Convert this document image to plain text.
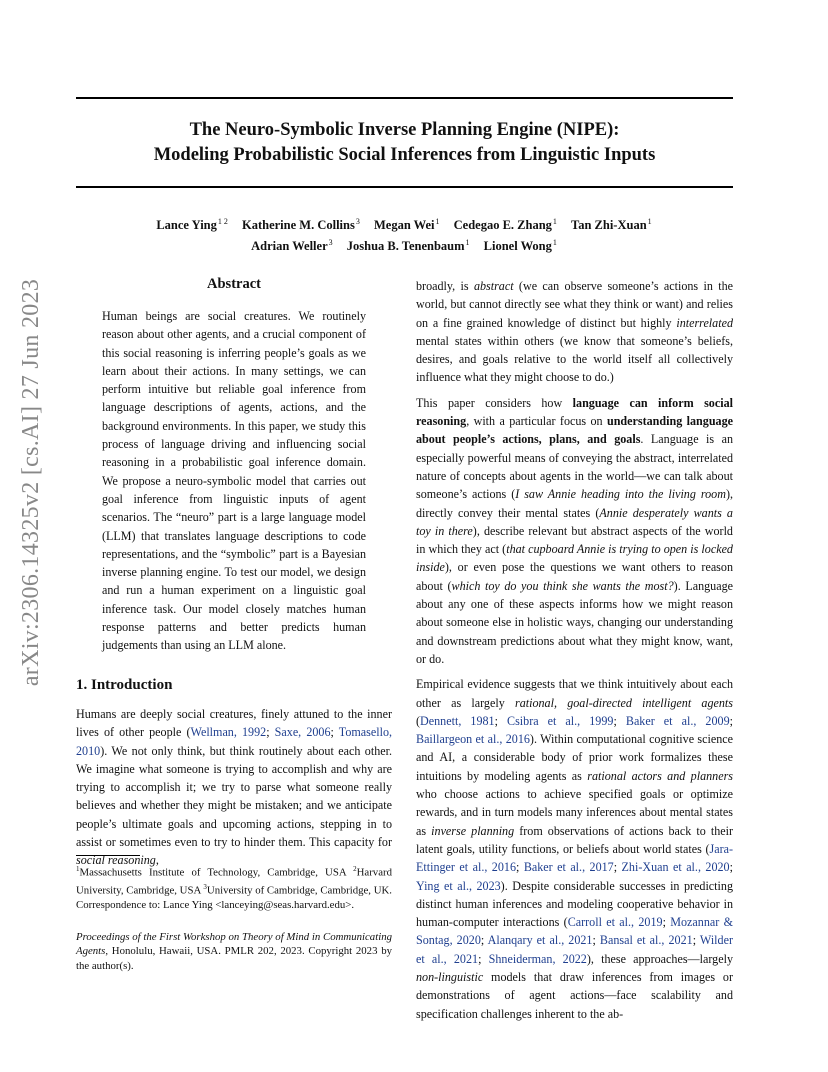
arXiv:2306.14325v2 [cs.AI] 27 Jun 2023
The Neuro-Symbolic Inverse Planning Engine (NIPE):
Modeling Probabilistic Social Inferences from Linguistic Inputs
Lance Ying$^{1 2}$ Katherine M. Collins$^3$ Megan Wei$^1$ Cedegao E. Zhang$^1$ Tan Zhi-Xuan$^1$
Adrian Weller$^3$ Joshua B. Tenenbaum$^1$ Lionel Wong$^1$
Abstract

Human beings are social creatures. We routinely reason about other agents, and a crucial component of this social reasoning is inferring people’s goals as we learn about their actions. In many settings, we can perform intuitive but reliable goal inference from language descriptions of agents, actions, and the background environments. In this paper, we study this process of language driving and influencing social reasoning in a probabilistic goal inference domain. We propose a neuro-symbolic model that carries out goal inference from linguistic inputs of agent scenarios. The “neuro” part is a large language model (LLM) that translates language descriptions to code representations, and the “symbolic” part is a Bayesian inverse planning engine. To test our model, we design and run a human experiment on a linguistic goal inference task. Our model closely matches human response patterns and better predicts human judgements than using an LLM alone.

1. Introduction

Humans are deeply social creatures, finely attuned to the inner lives of other people (Wellman, 1992; Saxe, 2006; Tomasello, 2010). We not only think, but think routinely about each other. We imagine what someone is trying to accomplish and why are trying to accomplish it; we try to parse what someone really believes and whether they might be mistaken; and we anticipate people’s ultimate goals and upcoming actions, stepping in to assist or sometimes even to try to hinder them. This capacity for social reasoning,

$^1$Massachusetts Institute of Technology, Cambridge, USA $^2$Harvard University, Cambridge, USA $^3$University of Cambridge, Cambridge, UK. Correspondence to: Lance Ying <lanceying@seas.harvard.edu>.
Proceedings of the First Workshop on Theory of Mind in Communicating Agents, Honolulu, Hawaii, USA. PMLR 202, 2023. Copyright 2023 by the author(s).

broadly, is abstract (we can observe someone’s actions in the world, but cannot directly see what they think or want) and relies on a fine grained knowledge of distinct but highly interrelated mental states within others (we know that someone’s beliefs, desires, and goals relative to the world itself all collectively influence what they might choose to do.)

This paper considers how language can inform social reasoning, with a particular focus on understanding language about people’s actions, plans, and goals. Language is an especially powerful means of conveying the abstract, interrelated nature of concepts about agents in the world—we can talk about someone’s actions (I saw Annie heading into the living room), directly convey their mental states (Annie desperately wants a toy in there), describe relevant but abstract aspects of the world in which they act (that cupboard Annie is trying to open is locked inside), or even pose the questions we want others to reason about (which toy do you think she wants the most?). Language about any one of these aspects informs how we might reason about someone else in holistic ways, changing our understanding and downstream predictions about what they might know, want, or do.

Empirical evidence suggests that we think intuitively about each other as largely rational, goal-directed intelligent agents (Dennett, 1981; Csibra et al., 1999; Baker et al., 2009; Baillargeon et al., 2016). Within computational cognitive science and AI, a considerable body of prior work formalizes these intuitions by modeling agents as rational actors and planners who choose actions to achieve specified goals or optimize rewards, and in turn models many inferences about mental states as inverse planning from observations of actions back to their latent goals, utility functions, or beliefs about world states (Jara-Ettinger et al., 2016; Baker et al., 2017; Zhi-Xuan et al., 2020; Ying et al., 2023). Despite considerable successes in predicting distinct human inferences and modeling cooperative behavior in human-computer interactions (Carroll et al., 2019; Mozannar & Sontag, 2020; Alanqary et al., 2021; Bansal et al., 2021; Wilder et al., 2021; Shneiderman, 2022), these approaches—largely non-linguistic models that draw inferences from images or demonstrations of agent actions—face scalability and specification challenges inherent to the ab-
